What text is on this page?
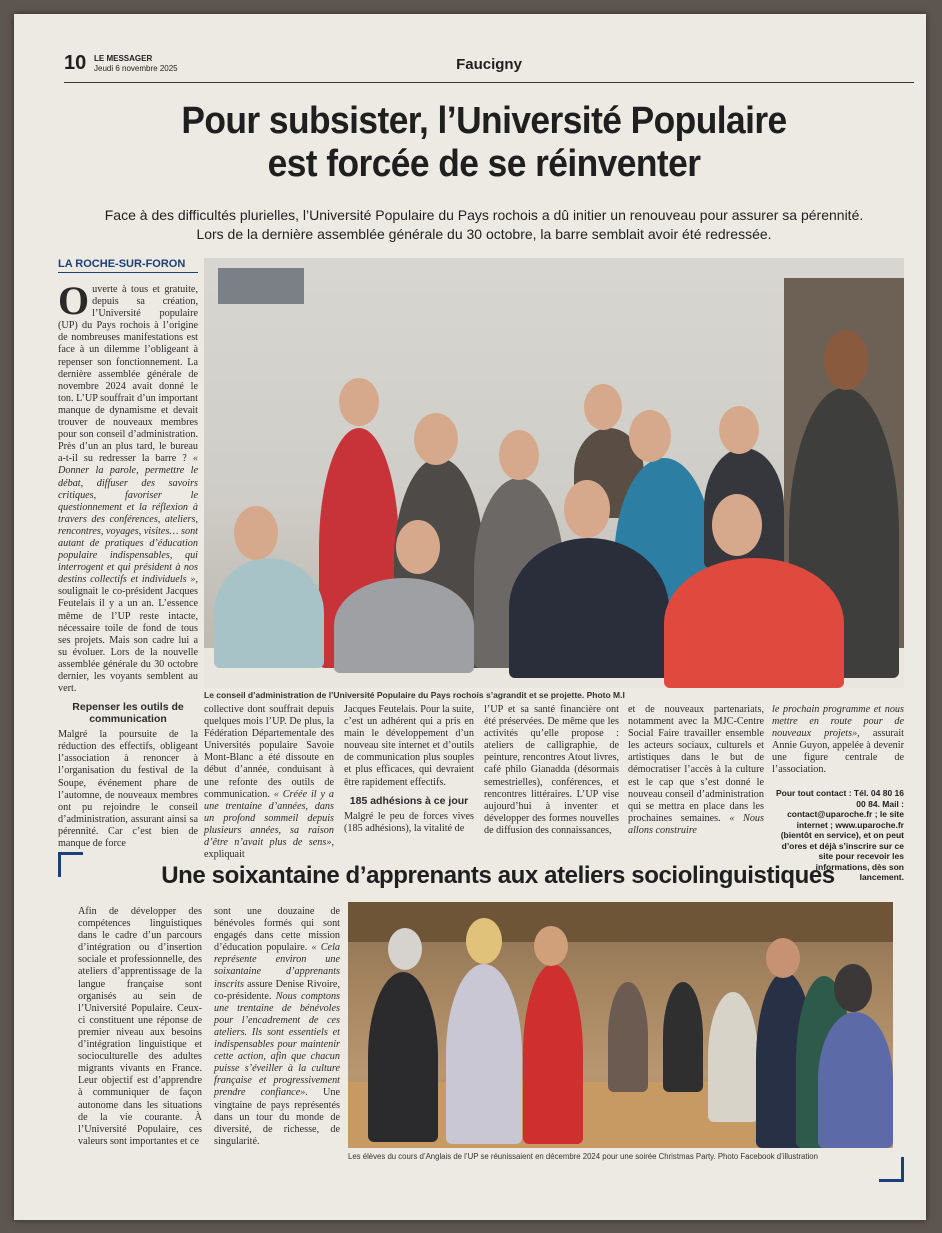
10 LE MESSAGER
Jeudi 6 novembre 2025	Faucigny
Pour subsister, l’Université Populaire
est forcée de se réinventer
Face à des difficultés plurielles, l’Université Populaire du Pays rochois a dû initier un renouveau pour assurer sa pérennité.
Lors de la dernière assemblée générale du 30 octobre, la barre semblait avoir été redressée.
LA ROCHE-SUR-FORON
O uverte à tous et gratuite, depuis sa création, l’Université populaire (UP) du Pays rochois à l’origine de nombreuses manifestations est face à un dilemme l’obligeant à repenser son fonctionnement. La dernière assemblée générale de novembre 2024 avait donné le ton. L’UP souffrait d’un important manque de dynamisme et devait trouver de nouveaux membres pour son conseil d’administration. Près d’un an plus tard, le bureau a-t-il su redresser la barre ? « Donner la parole, permettre le débat, diffuser des savoirs critiques, favoriser le questionnement et la réflexion à travers des conférences, ateliers, rencontres, voyages, visites… sont autant de pratiques d’éducation populaire indispensables, qui interrogent et qui président à nos destins collectifs et individuels », soulignait le co-président Jacques Feutelais il y a un an. L’essence même de l’UP reste intacte, nécessaire toile de fond de tous ses projets. Mais son cadre lui a su évoluer. Lors de la nouvelle assemblée générale du 30 octobre dernier, les voyants semblent au vert.
Repenser les outils de communication
Malgré la poursuite de la réduction des effectifs, obligeant l’association à renoncer à l’organisation du festival de la Soupe, événement phare de l’automne, de nouveaux membres ont pu rejoindre le conseil d’administration, assurant ainsi sa pérennité. Car c’est bien de manque de force
Le conseil d’administration de l’Université Populaire du Pays rochois s’agrandit et se projette. Photo M.I
collective dont souffrait depuis quelques mois l’UP. De plus, la Fédération Départementale des Universités populaire Savoie Mont-Blanc a été dissoute en début d’année, conduisant à une refonte des outils de communication. « Créée il y a une trentaine d’années, dans un profond sommeil depuis plusieurs années, sa raison d’être n’avait plus de sens», expliquait
Jacques Feutelais. Pour la suite, c’est un adhérent qui a pris en main le développement d’un nouveau site internet et d’outils de communication plus souples et plus efficaces, qui devraient être rapidement effectifs.
185 adhésions à ce jour
Malgré le peu de forces vives (185 adhésions), la vitalité de
l’UP et sa santé financière ont été préservées. De même que les activités qu’elle propose : ateliers de calligraphie, de peinture, rencontres Atout livres, café philo Gianadda (désormais semestrielles), conférences, et rencontres littéraires. L’UP vise aujourd’hui à inventer et développer des formes nouvelles de diffusion des connaissances,
et de nouveaux partenariats, notamment avec la MJC-Centre Social Faire travailler ensemble les acteurs sociaux, culturels et artistiques dans le but de démocratiser l’accès à la culture est le cap que s’est donné le nouveau conseil d’administration qui se mettra en place dans les prochaines semaines. « Nous allons construire
le prochain programme et nous mettre en route pour de nouveaux projets», assurait Annie Guyon, appelée à devenir une figure centrale de l’association.
Pour tout contact : Tél. 04 80 16 00 84. Mail : contact@uparoche.fr ; le site internet ; www.uparoche.fr (bientôt en service), et on peut d’ores et déjà s’inscrire sur ce site pour recevoir les informations, dès son lancement.
Une soixantaine d’apprenants aux ateliers sociolinguistiques
Afin de développer des compétences linguistiques dans le cadre d’un parcours d’intégration ou d’insertion sociale et professionnelle, des ateliers d’apprentissage de la langue française sont organisés au sein de l’Université Populaire. Ceux-ci constituent une réponse de premier niveau aux besoins d’intégration linguistique et socioculturelle des adultes migrants vivants en France. Leur objectif est d’apprendre à communiquer de façon autonome dans les situations de la vie courante. À l’Université Populaire, ces valeurs sont importantes et ce
sont une douzaine de bénévoles formés qui sont engagés dans cette mission d’éducation populaire. « Cela représente environ une soixantaine d’apprenants inscrits assure Denise Rivoire, co-présidente. Nous comptons une trentaine de bénévoles pour l’encadrement de ces ateliers. Ils sont essentiels et indispensables pour maintenir cette action, afin que chacun puisse s’éveiller à la culture française et progressivement prendre confiance». Une vingtaine de pays représentés dans un tour du monde de diversité, de richesse, de singularité.
Les élèves du cours d’Anglais de l’UP se réunissaient en décembre 2024 pour une soirée Christmas Party. Photo Facebook d’illustration
